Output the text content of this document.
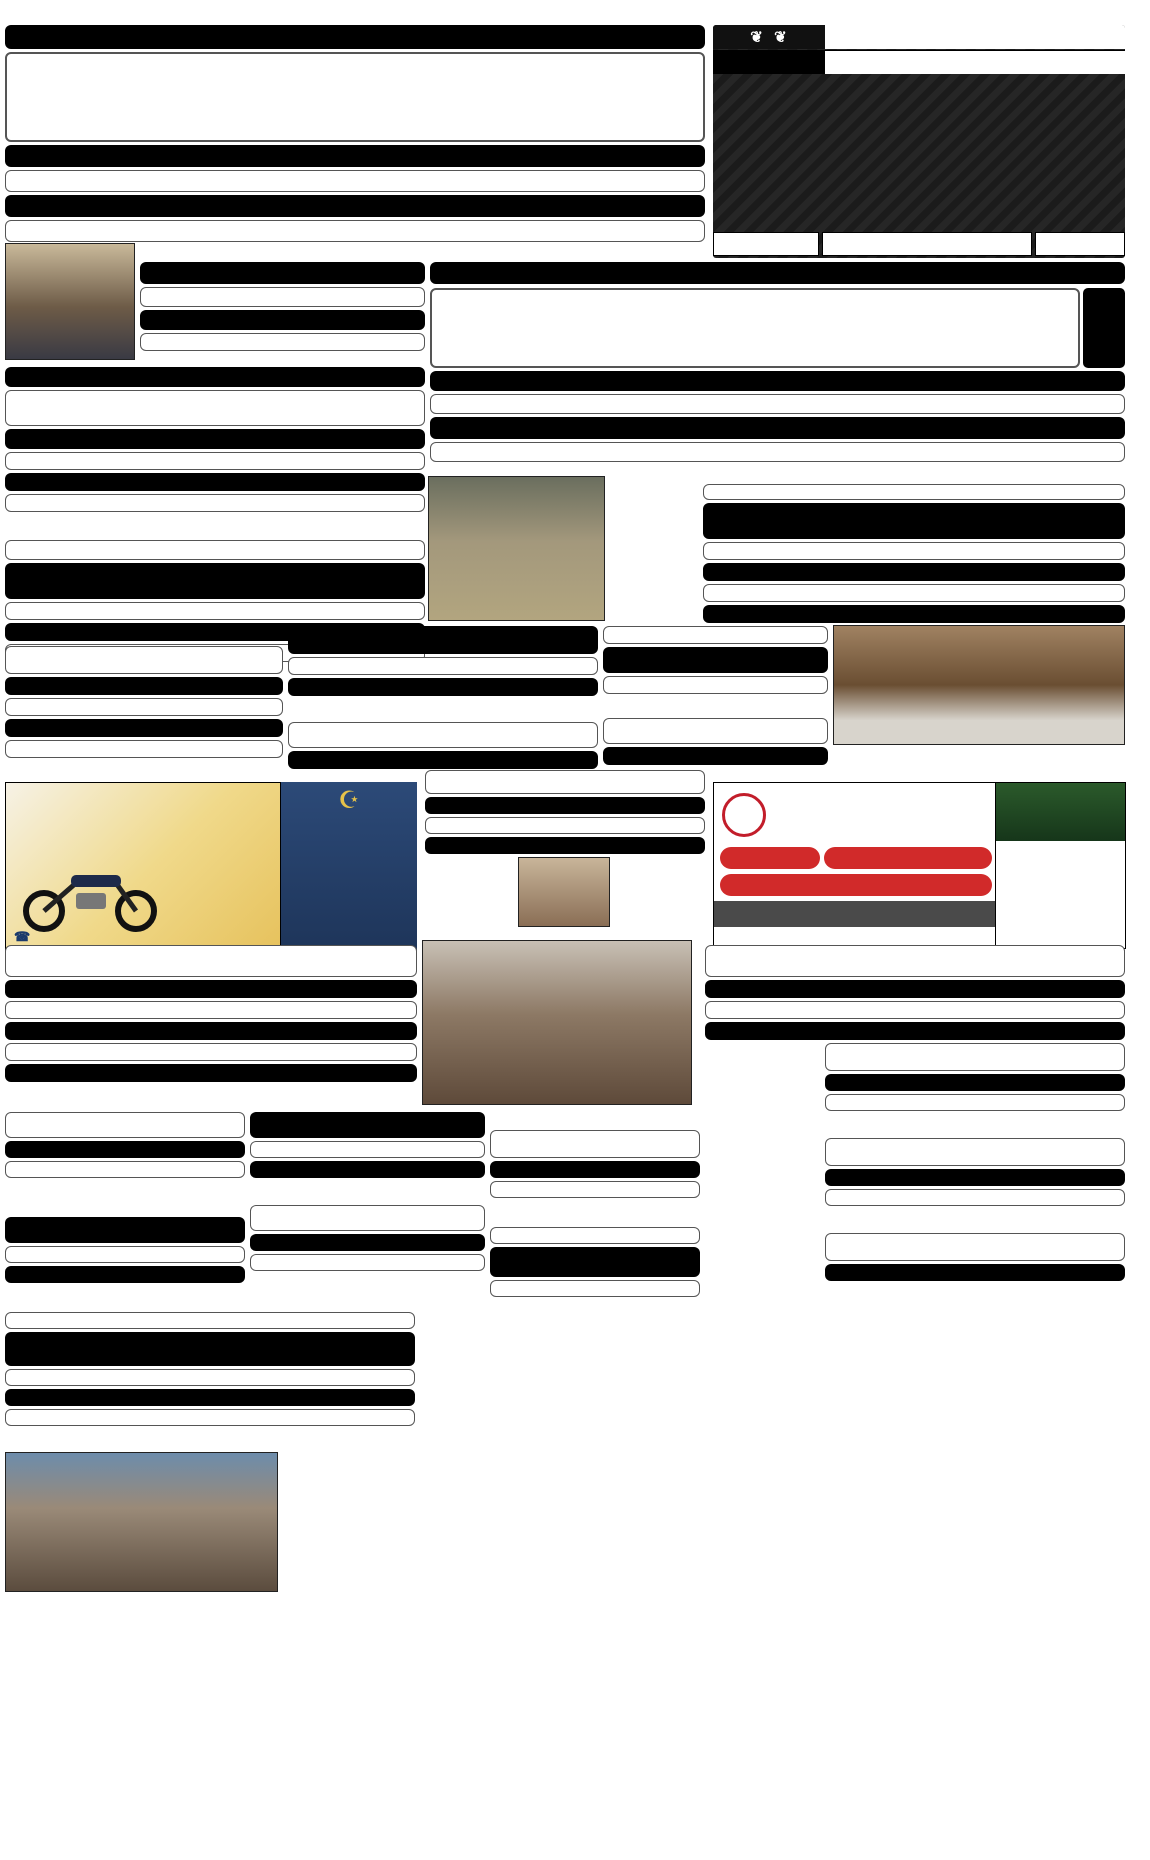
❦
❦
☎
☪
